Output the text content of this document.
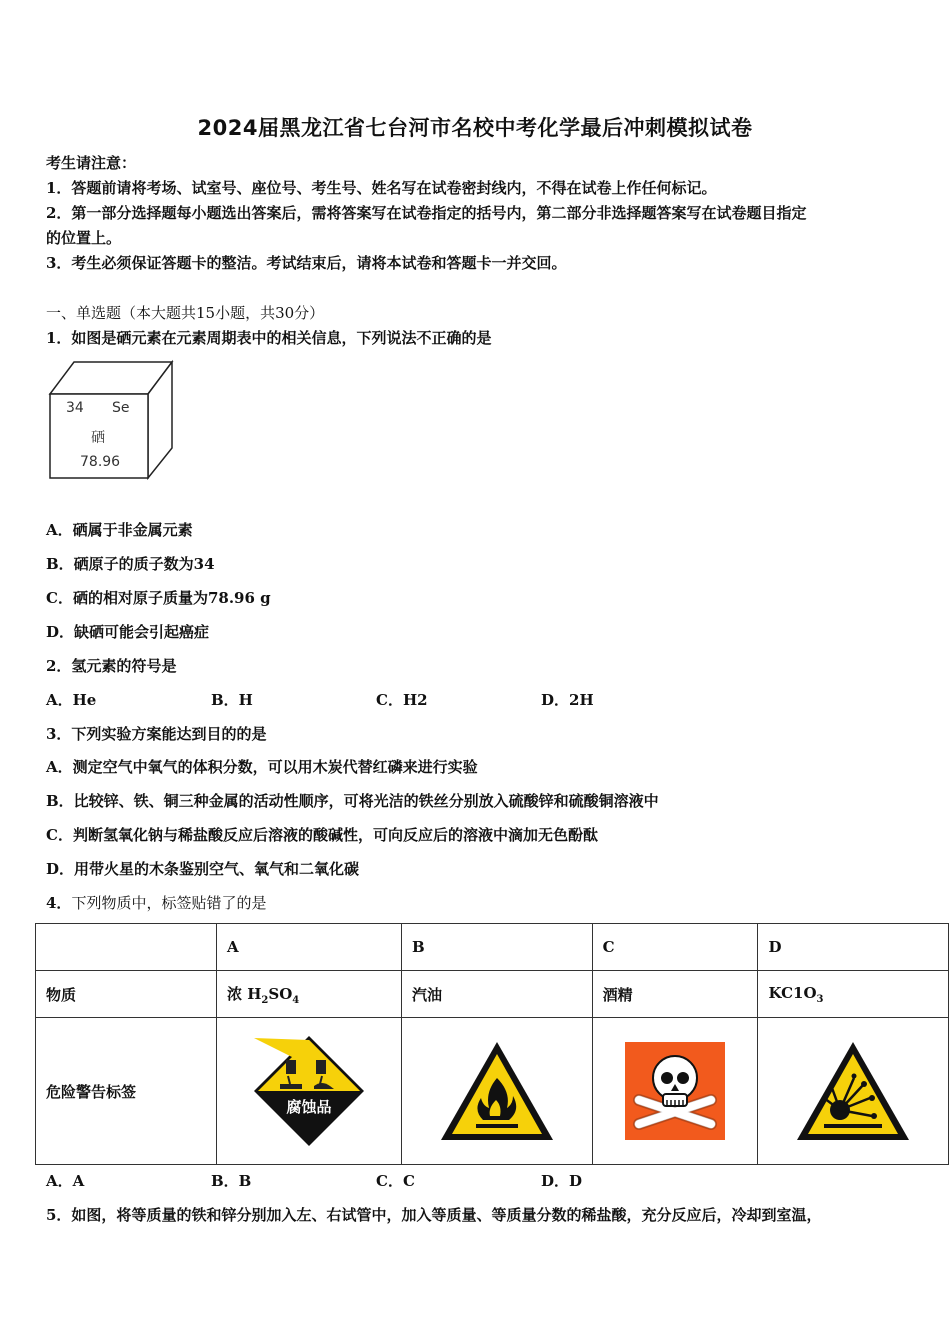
2024届黑龙江省七台河市名校中考化学最后冲刺模拟试卷
考生请注意：
1．答题前请将考场、试室号、座位号、考生号、姓名写在试卷密封线内，不得在试卷上作任何标记。
2．第一部分选择题每小题选出答案后，需将答案写在试卷指定的括号内，第二部分非选择题答案写在试卷题目指定
的位置上。
3．考生必须保证答题卡的整洁。考试结束后，请将本试卷和答题卡一并交回。
一、单选题（本大题共15小题，共30分）
1．如图是硒元素在元素周期表中的相关信息，下列说法不正确的是
34 Se
硒
78.96
A．硒属于非金属元素
B．硒原子的质子数为34
C．硒的相对原子质量为78.96 g
D．缺硒可能会引起癌症
2．氢元素的符号是
A．He	B．H	C．H2	D．2H
3．下列实验方案能达到目的的是
A．测定空气中氧气的体积分数，可以用木炭代替红磷来进行实验
B．比较锌、铁、铜三种金属的活动性顺序，可将光洁的铁丝分别放入硫酸锌和硫酸铜溶液中
C．判断氢氧化钠与稀盐酸反应后溶液的酸碱性，可向反应后的溶液中滴加无色酚酞
D．用带火星的木条鉴别空气、氧气和二氧化碳
4．下列物质中，标签贴错了的是
	A	B	C	D
物质	浓 $H_2SO_4$	汽油	酒精	$KC1O_3$
危险警告标签	腐蚀品

A．A	B．B	C．C	D．D
5．如图，将等质量的铁和锌分别加入左、右试管中，加入等质量、等质量分数的稀盐酸，充分反应后，冷却到室温，
